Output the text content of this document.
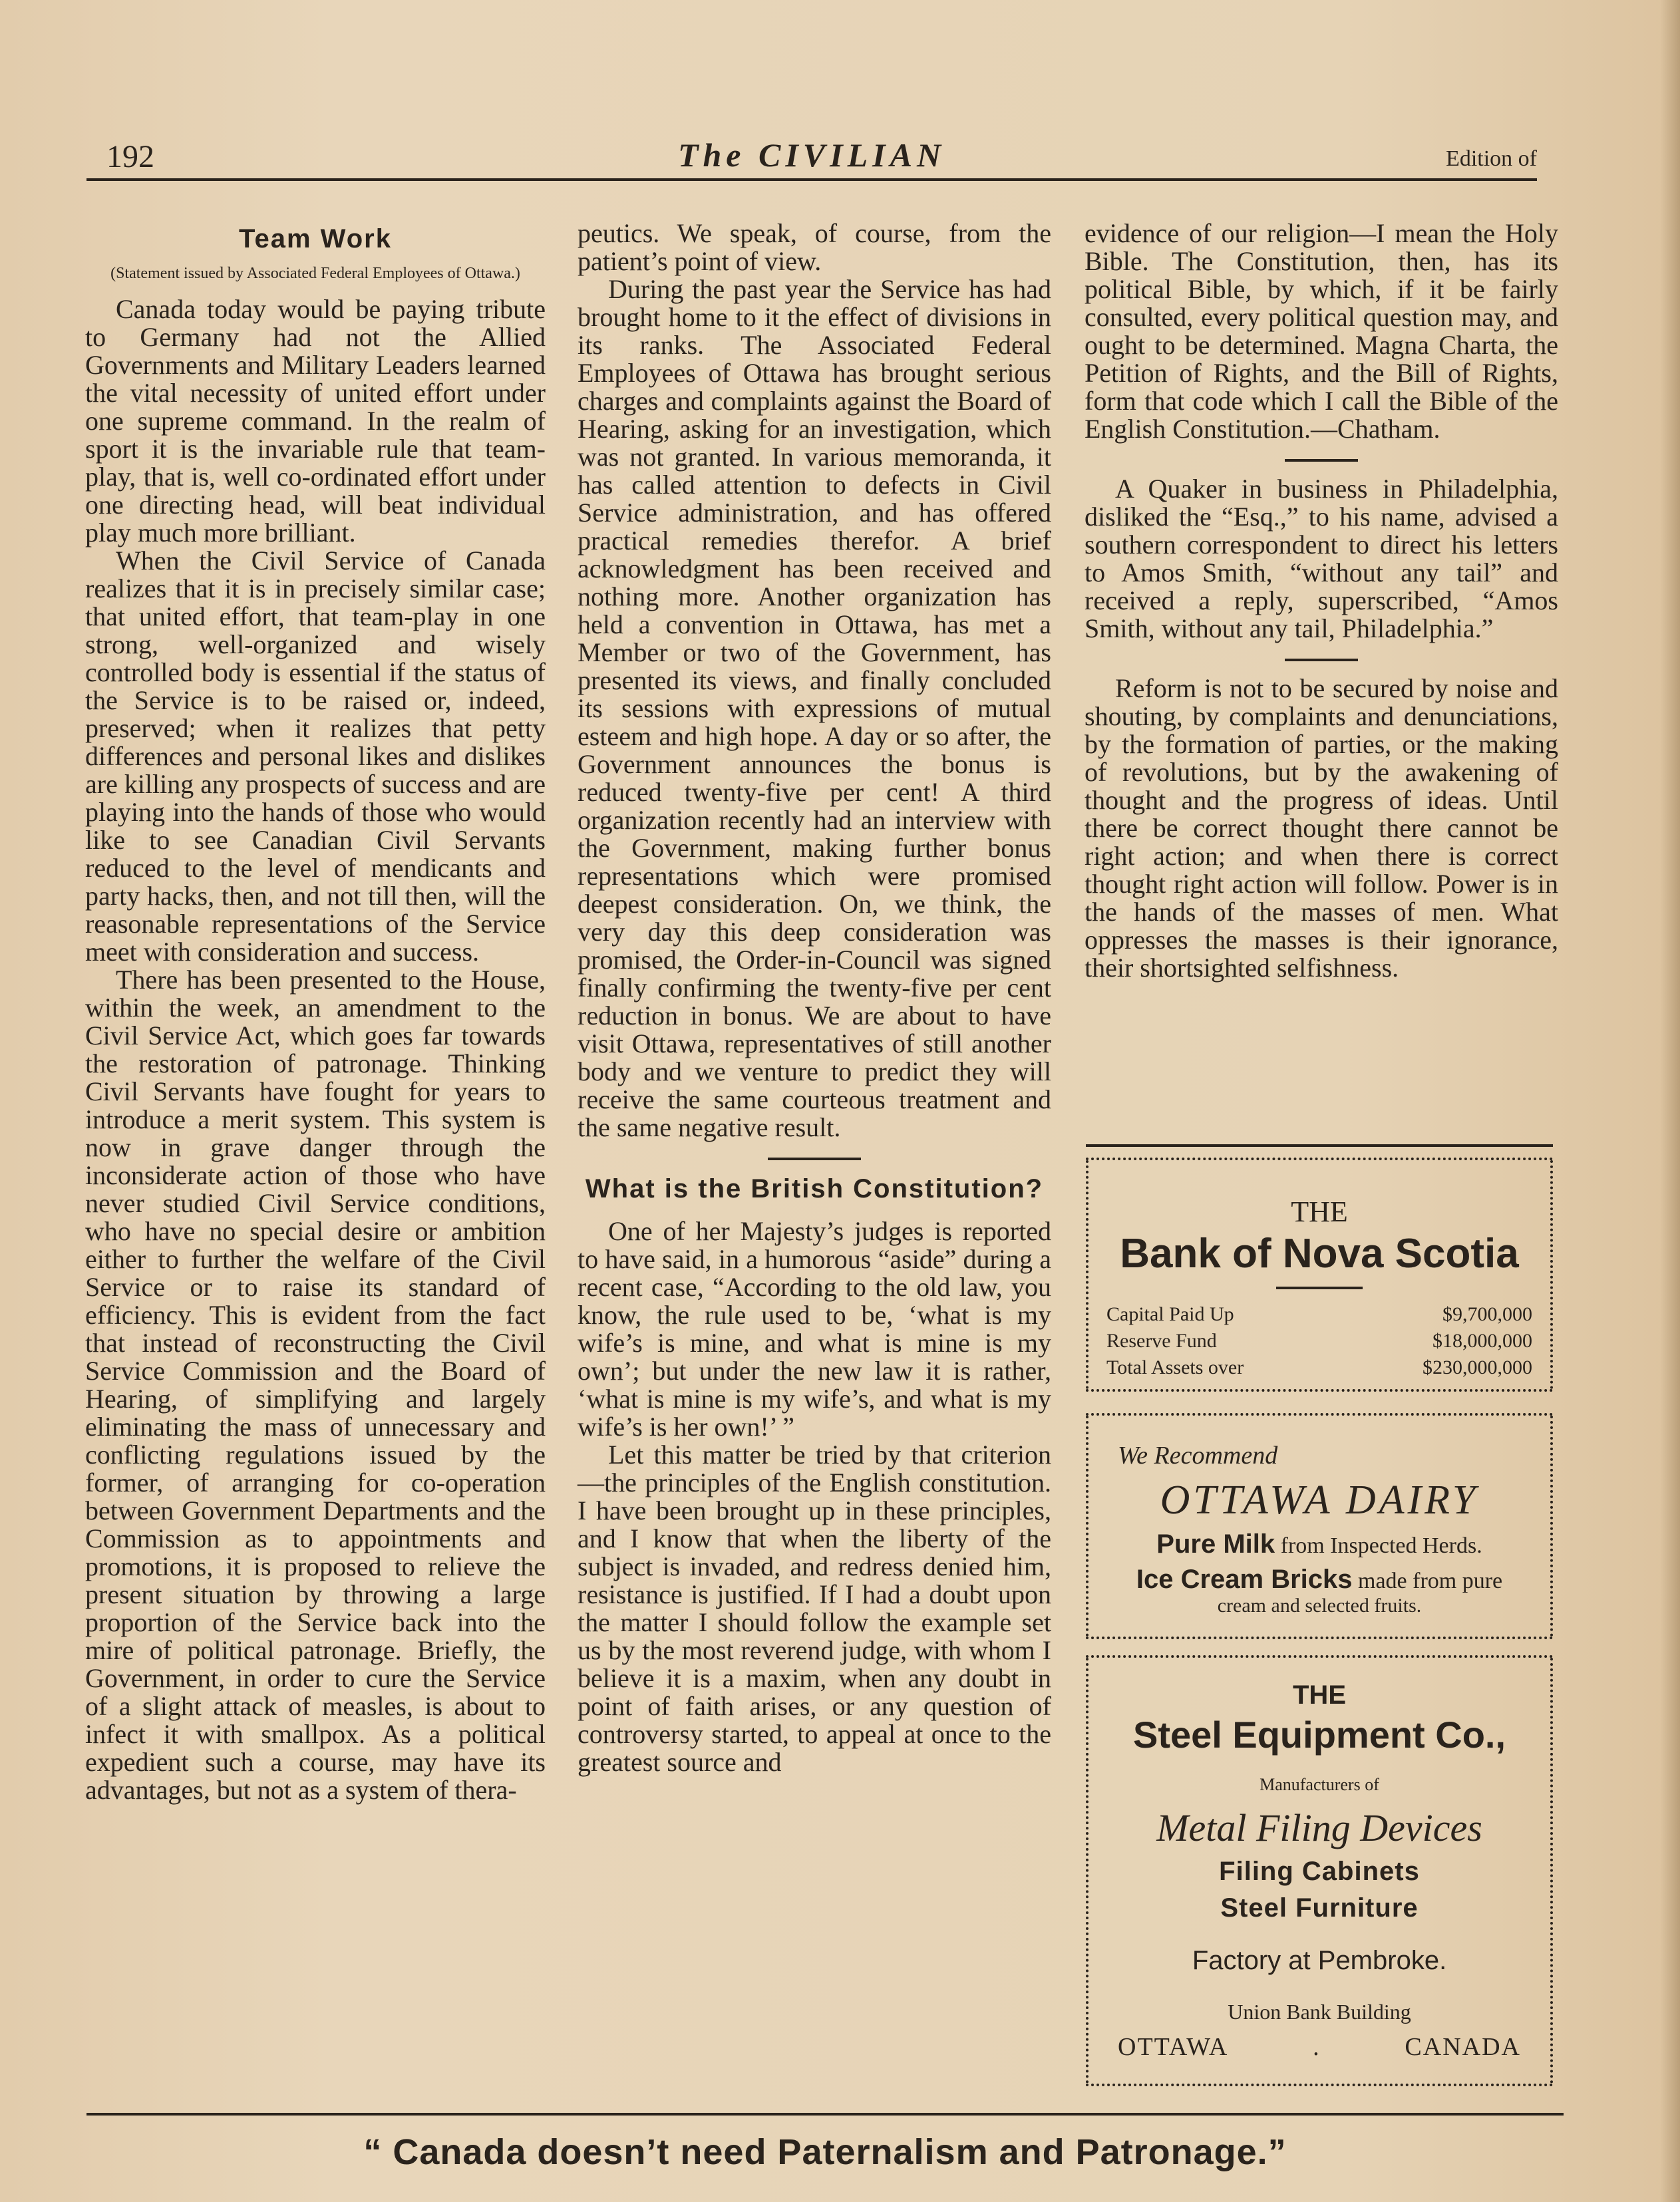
192	The CIVILIAN	Edition of
Team Work
(Statement issued by Associated Federal Employees of Ottawa.)

Canada today would be paying tribute to Germany had not the Allied Governments and Military Leaders learned the vital necessity of united effort under one supreme command. In the realm of sport it is the invariable rule that team-play, that is, well co-ordinated effort under one directing head, will beat individual play much more brilliant.

When the Civil Service of Canada realizes that it is in precisely similar case; that united effort, that team-play in one strong, well-organized and wisely controlled body is essential if the status of the Service is to be raised or, indeed, preserved; when it realizes that petty differences and personal likes and dislikes are killing any prospects of success and are playing into the hands of those who would like to see Canadian Civil Servants reduced to the level of mendicants and party hacks, then, and not till then, will the reasonable representations of the Service meet with consideration and success.

There has been presented to the House, within the week, an amendment to the Civil Service Act, which goes far towards the restoration of patronage. Thinking Civil Servants have fought for years to introduce a merit system. This system is now in grave danger through the inconsiderate action of those who have never studied Civil Service conditions, who have no special desire or ambition either to further the welfare of the Civil Service or to raise its standard of efficiency. This is evident from the fact that instead of reconstructing the Civil Service Commission and the Board of Hearing, of simplifying and largely eliminating the mass of unnecessary and conflicting regulations issued by the former, of arranging for co-operation between Government Departments and the Commission as to appointments and promotions, it is proposed to relieve the present situation by throwing a large proportion of the Service back into the mire of political patronage. Briefly, the Government, in order to cure the Service of a slight attack of measles, is about to infect it with smallpox. As a political expedient such a course, may have its advantages, but not as a system of thera-

peutics. We speak, of course, from the patient’s point of view.

During the past year the Service has had brought home to it the effect of divisions in its ranks. The Associated Federal Employees of Ottawa has brought serious charges and complaints against the Board of Hearing, asking for an investigation, which was not granted. In various memoranda, it has called attention to defects in Civil Service administration, and has offered practical remedies therefor. A brief acknowledgment has been received and nothing more. Another organization has held a convention in Ottawa, has met a Member or two of the Government, has presented its views, and finally concluded its sessions with expressions of mutual esteem and high hope. A day or so after, the Government announces the bonus is reduced twenty-five per cent! A third organization recently had an interview with the Government, making further bonus representations which were promised deepest consideration. On, we think, the very day this deep consideration was promised, the Order-in-Council was signed finally confirming the twenty-five per cent reduction in bonus. We are about to have visit Ottawa, representatives of still another body and we venture to predict they will receive the same courteous treatment and the same negative result.

What is the British Constitution?

One of her Majesty’s judges is reported to have said, in a humorous “aside” during a recent case, “According to the old law, you know, the rule used to be, ‘what is my wife’s is mine, and what is mine is my own’; but under the new law it is rather, ‘what is mine is my wife’s, and what is my wife’s is her own!’ ”

Let this matter be tried by that criterion—the principles of the English constitution. I have been brought up in these principles, and I know that when the liberty of the subject is invaded, and redress denied him, resistance is justified. If I had a doubt upon the matter I should follow the example set us by the most reverend judge, with whom I believe it is a maxim, when any doubt in point of faith arises, or any question of controversy started, to appeal at once to the greatest source and

evidence of our religion—I mean the Holy Bible. The Constitution, then, has its political Bible, by which, if it be fairly consulted, every political question may, and ought to be determined. Magna Charta, the Petition of Rights, and the Bill of Rights, form that code which I call the Bible of the English Constitution.—Chatham.

A Quaker in business in Philadelphia, disliked the “Esq.,” to his name, advised a southern correspondent to direct his letters to Amos Smith, “without any tail” and received a reply, superscribed, “Amos Smith, without any tail, Philadelphia.”

Reform is not to be secured by noise and shouting, by complaints and denunciations, by the formation of parties, or the making of revolutions, but by the awakening of thought and the progress of ideas. Until there be correct thought there cannot be right action; and when there is correct thought right action will follow. Power is in the hands of the masses of men. What oppresses the masses is their ignorance, their shortsighted selfishness.

THE
Bank of Nova Scotia
Capital Paid Up	$9,700,000
Reserve Fund	$18,000,000
Total Assets over	$230,000,000
We Recommend
OTTAWA DAIRY
Pure Milk from Inspected Herds.
Ice Cream Bricks made from pure
cream and selected fruits.
THE
Steel Equipment Co.,
Manufacturers of
Metal Filing Devices
Filing Cabinets
Steel Furniture
Factory at Pembroke.
Union Bank Building
OTTAWA	.	CANADA
“ Canada doesn’t need Paternalism and Patronage.”
